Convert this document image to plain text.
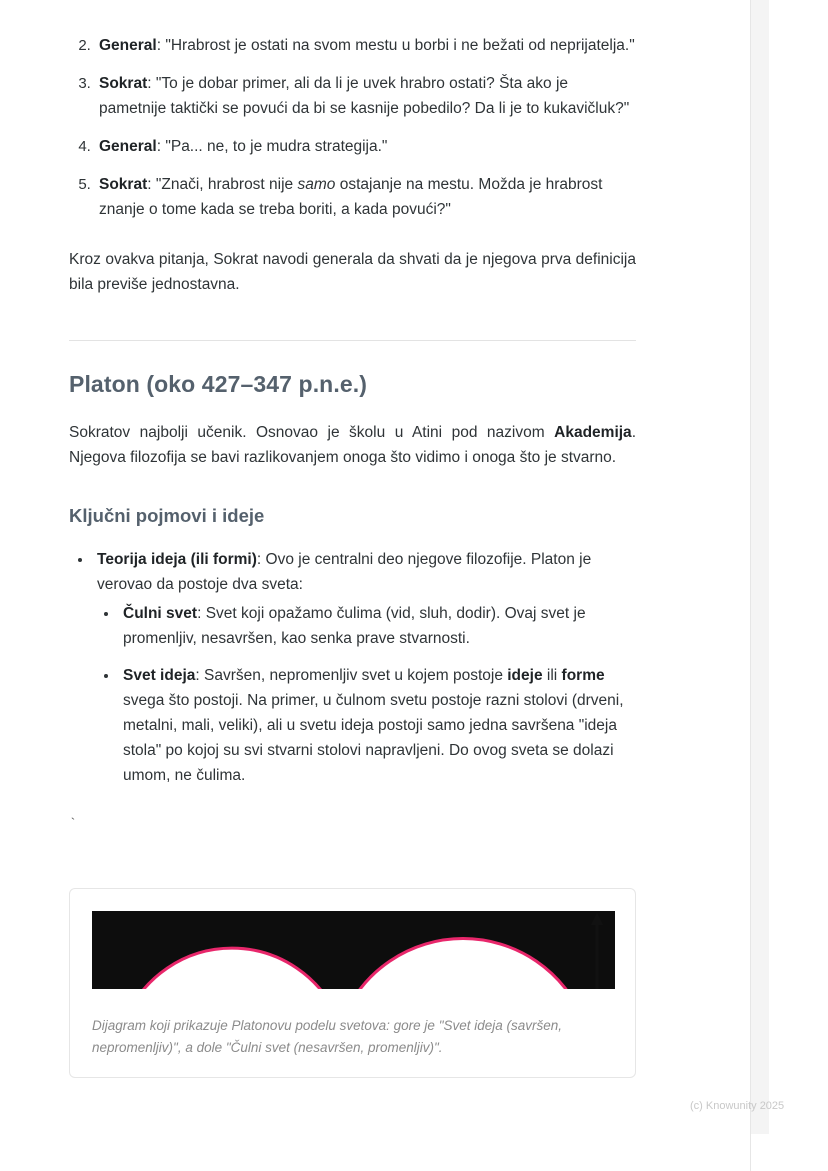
2. General: "Hrabrost je ostati na svom mestu u borbi i ne bežati od neprijatelja."
3. Sokrat: "To je dobar primer, ali da li je uvek hrabro ostati? Šta ako je pametnije taktički se povući da bi se kasnije pobedilo? Da li je to kukavičluk?"
4. General: "Pa... ne, to je mudra strategija."
5. Sokrat: "Znači, hrabrost nije samo ostajanje na mestu. Možda je hrabrost znanje o tome kada se treba boriti, a kada povući?"

Kroz ovakva pitanja, Sokrat navodi generala da shvati da je njegova prva definicija bila previše jednostavna.

Platon (oko 427–347 p.n.e.)

Sokratov najbolji učenik. Osnovao je školu u Atini pod nazivom Akademija. Njegova filozofija se bavi razlikovanjem onoga što vidimo i onoga što je stvarno.

Ključni pojmovi i ideje
• Teorija ideja (ili formi): Ovo je centralni deo njegove filozofije. Platon je verovao da postoje dva sveta:
• Čulni svet: Svet koji opažamo čulima (vid, sluh, dodir). Ovaj svet je promenljiv, nesavršen, kao senka prave stvarnosti.
• Svet ideja: Savršen, nepromenljiv svet u kojem postoje ideje ili forme svega što postoji. Na primer, u čulnom svetu postoje razni stolovi (drveni, metalni, mali, veliki), ali u svetu ideja postoji samo jedna savršena "ideja stola" po kojoj su svi stvarni stolovi napravljeni. Do ovog sveta se dolazi umom, ne čulima.
`
Dijagram koji prikazuje Platonovu podelu svetova: gore je "Svet ideja (savršen, nepromenljiv)", a dole "Čulni svet (nesavršen, promenljiv)".
(c) Knowunity 2025
